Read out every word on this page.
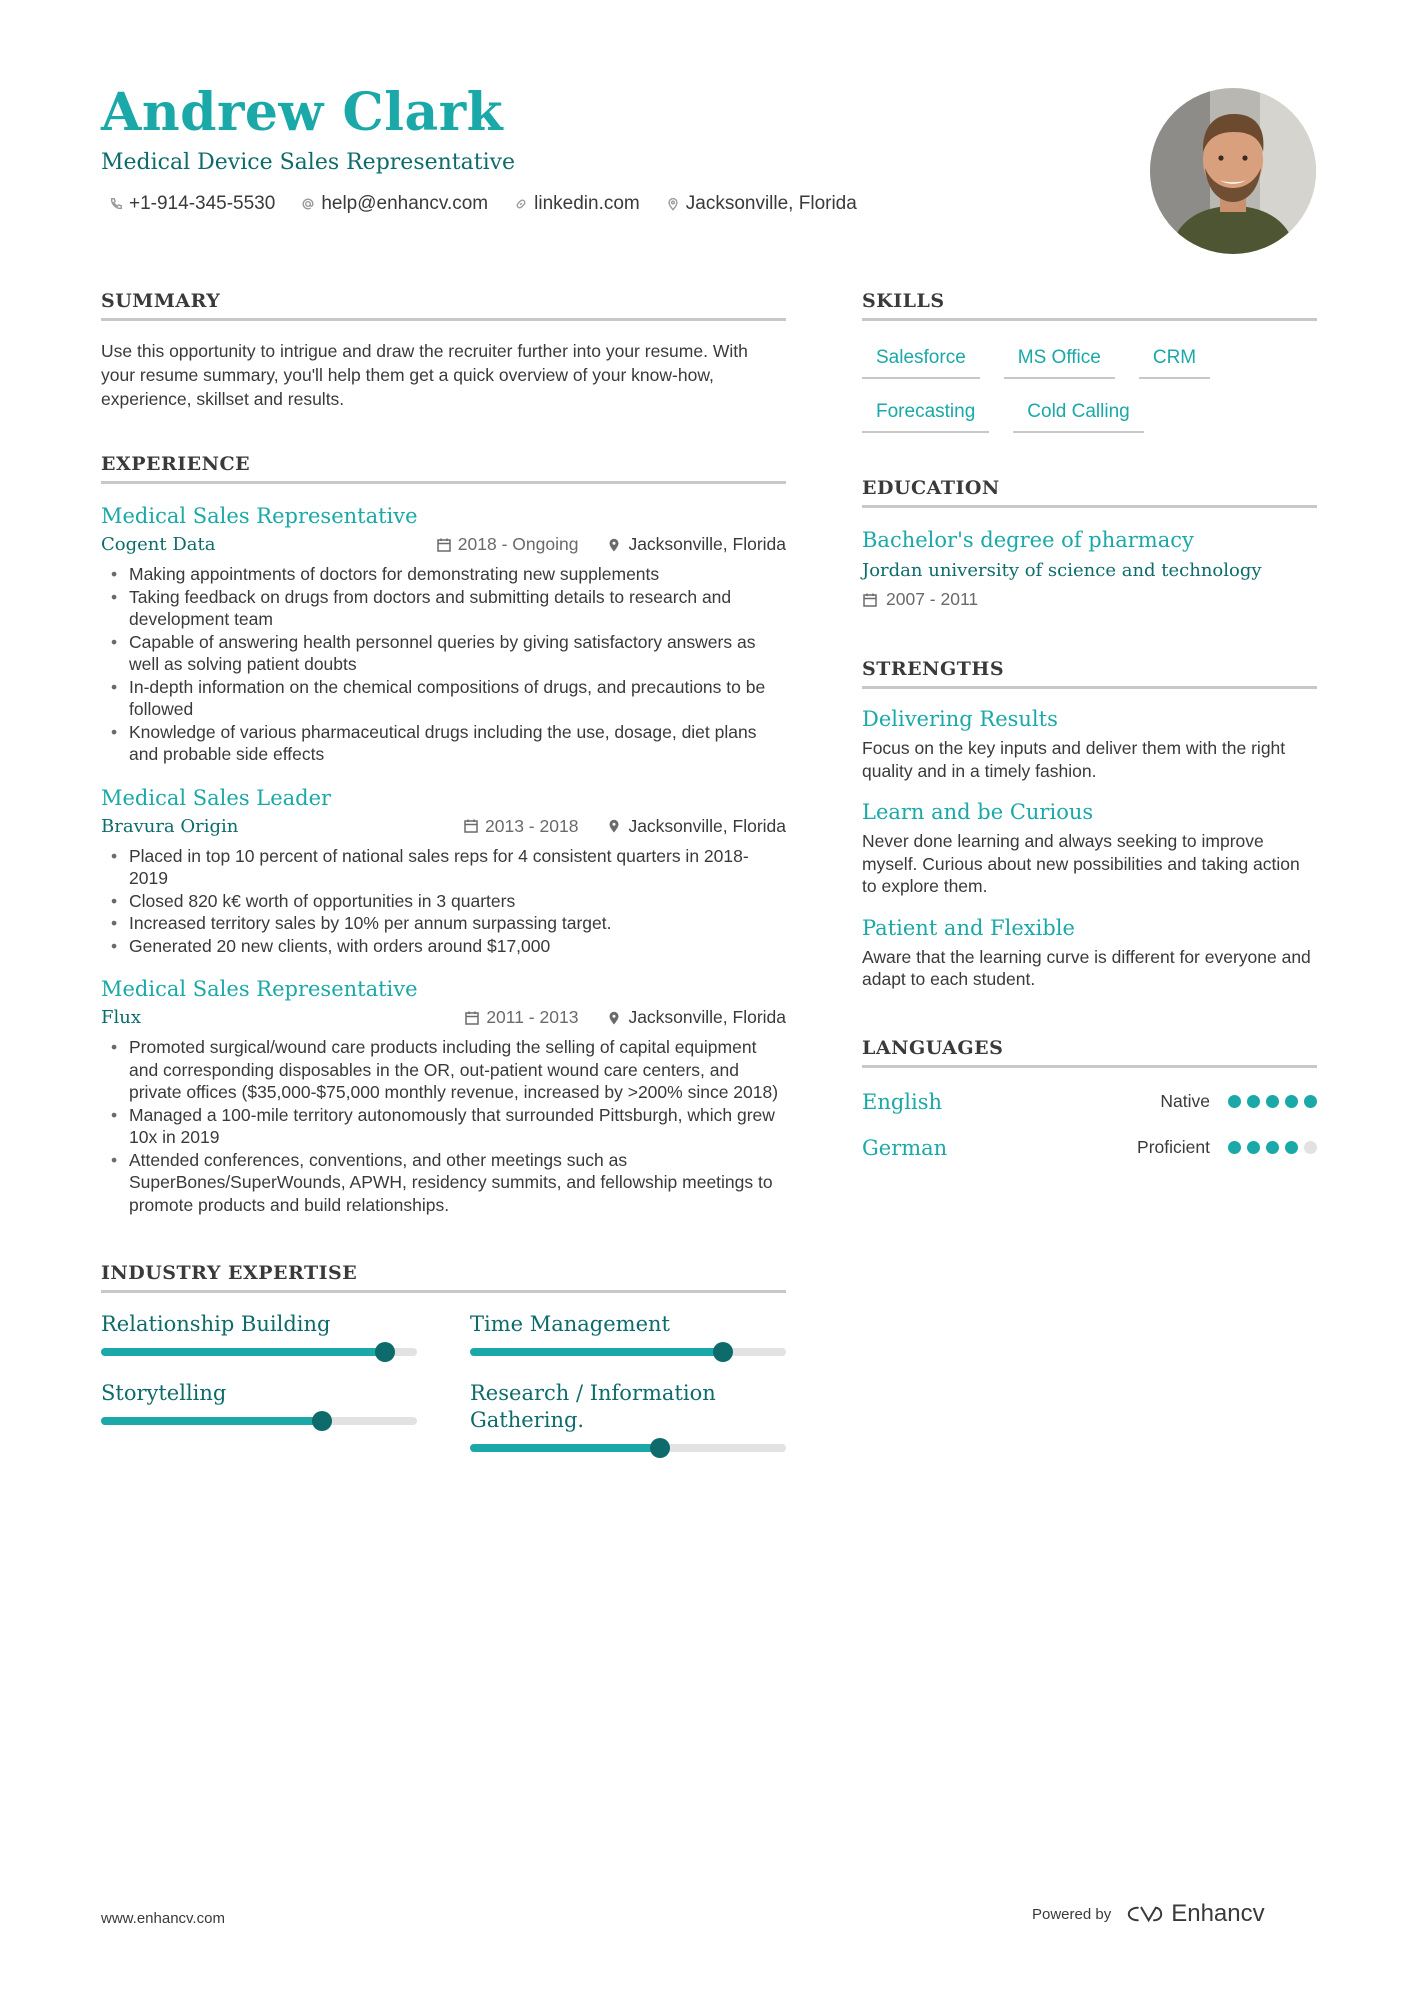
Andrew Clark
Medical Device Sales Representative
+1-914-345-5530 help@enhancv.com linkedin.com Jacksonville, Florida
SUMMARY
Use this opportunity to intrigue and draw the recruiter further into your resume. With your resume summary, you'll help them get a quick overview of your know-how, experience, skillset and results.
EXPERIENCE
Medical Sales Representative
Cogent Data	2018 - Ongoing	Jacksonville, Florida
• Making appointments of doctors for demonstrating new supplements
• Taking feedback on drugs from doctors and submitting details to research and development team
• Capable of answering health personnel queries by giving satisfactory answers as well as solving patient doubts
• In-depth information on the chemical compositions of drugs, and precautions to be followed
• Knowledge of various pharmaceutical drugs including the use, dosage, diet plans and probable side effects
Medical Sales Leader
Bravura Origin	2013 - 2018	Jacksonville, Florida
• Placed in top 10 percent of national sales reps for 4 consistent quarters in 2018-2019
• Closed 820 k€ worth of opportunities in 3 quarters
• Increased territory sales by 10% per annum surpassing target.
• Generated 20 new clients, with orders around $17,000
Medical Sales Representative
Flux	2011 - 2013	Jacksonville, Florida
• Promoted surgical/wound care products including the selling of capital equipment and corresponding disposables in the OR, out-patient wound care centers, and private offices ($35,000-$75,000 monthly revenue, increased by >200% since 2018)
• Managed a 100-mile territory autonomously that surrounded Pittsburgh, which grew 10x in 2019
• Attended conferences, conventions, and other meetings such as SuperBones/SuperWounds, APWH, residency summits, and fellowship meetings to promote products and build relationships.
INDUSTRY EXPERTISE
Relationship Building	Time Management
Storytelling	Research / Information Gathering.
SKILLS
Salesforce	MS Office	CRM
Forecasting	Cold Calling
EDUCATION
Bachelor's degree of pharmacy
Jordan university of science and technology
2007 - 2011
STRENGTHS
Delivering Results
Focus on the key inputs and deliver them with the right quality and in a timely fashion.
Learn and be Curious
Never done learning and always seeking to improve myself. Curious about new possibilities and taking action to explore them.
Patient and Flexible
Aware that the learning curve is different for everyone and adapt to each student.
LANGUAGES
English	Native
German	Proficient
www.enhancv.com	Powered by	Enhancv
